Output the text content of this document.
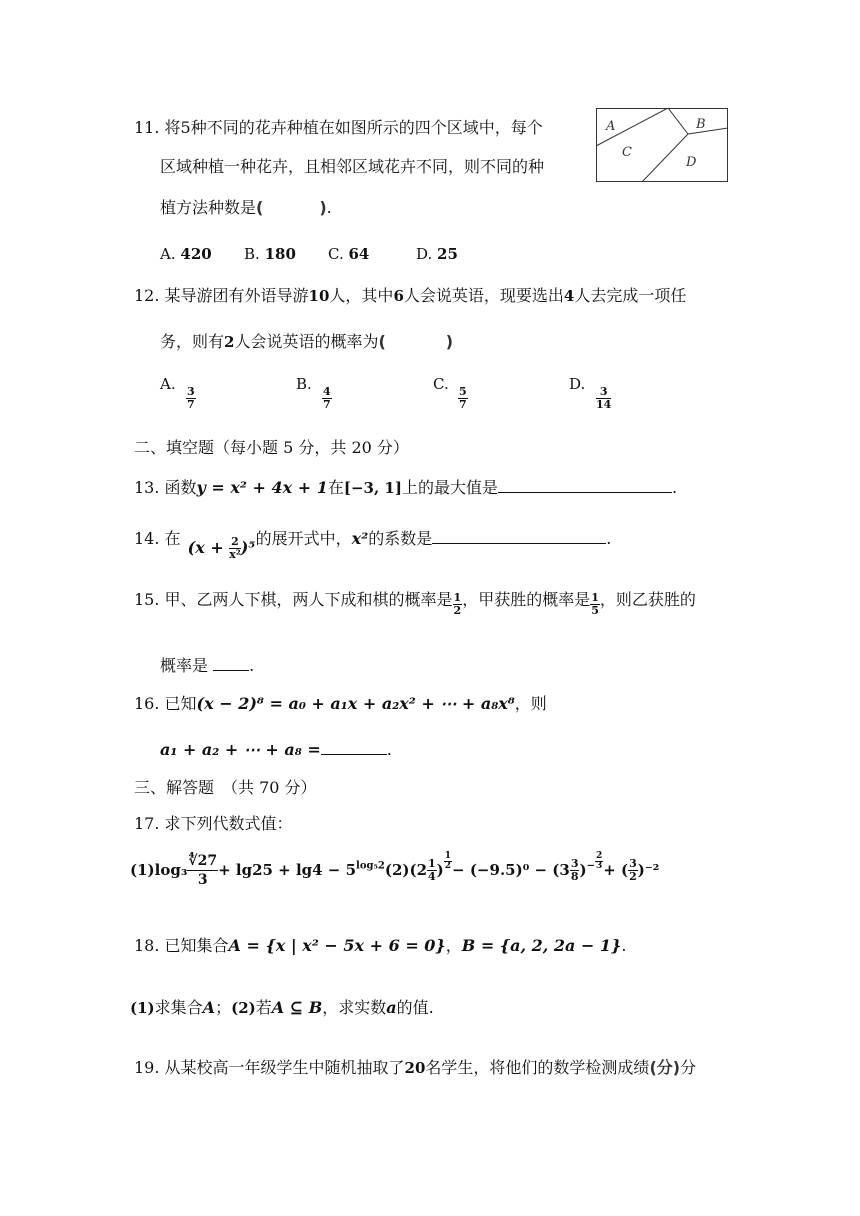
11. 将5种不同的花卉种植在如图所示的四个区域中，每个
区域种植一种花卉，且相邻区域花卉不同，则不同的种
植方法种数是(	).
A	B
C
D
A. 420 B. 180 C. 64	D. 25
12. 某导游团有外语导游10人，其中6人会说英语，现要选出4人去完成一项任
务，则有2人会说英语的概率为(	)
A.
$\frac{3}{7}$
B.
$\frac{4}{7}$
C.
$\frac{5}{7}$
D.
$\frac{3}{14}$
二、填空题（每小题 5 分，共 20 分）
13. 函数y = x² + 4x + 1在[−3, 1]上的最大值是	.
14. 在 $(x + \frac{2}{\text{x²}} )^5$ 的展开式中，x²的系数是	.
15. 甲、乙两人下棋，两人下成和棋的概率是 $\frac{1}{2}$ ，甲获胜的概率是 $\frac{1}{5}$ ，则乙获胜的
概率是	.
16. 已知(x − 2)⁸ = a₀ + a₁x + a₂x² + ⋯ + a₈x⁸，则
a₁ + a₂ + ⋯ + a₈ =	.
三、解答题　（共 70 分）
17. 求下列代数式值：
$(1)\log_3 \frac{∜27}{3} + \lg 25 + \lg 4 - 5^{log_52}(2)(2 \frac{1}{4}$ ) $\frac{1}{2} - (-9.5)^0 - (3 \frac{3}{8} )^- \frac{2}{3}$ + ( $\frac{3}{2} )^{-2}$
18. 已知集合A = {x | x² − 5x + 6 = 0}，B = {a, 2, 2a − 1}.
(1)求集合A；(2)若A ⊆ B，求实数a的值.
19. 从某校高一年级学生中随机抽取了20名学生，将他们的数学检测成绩(分)分
